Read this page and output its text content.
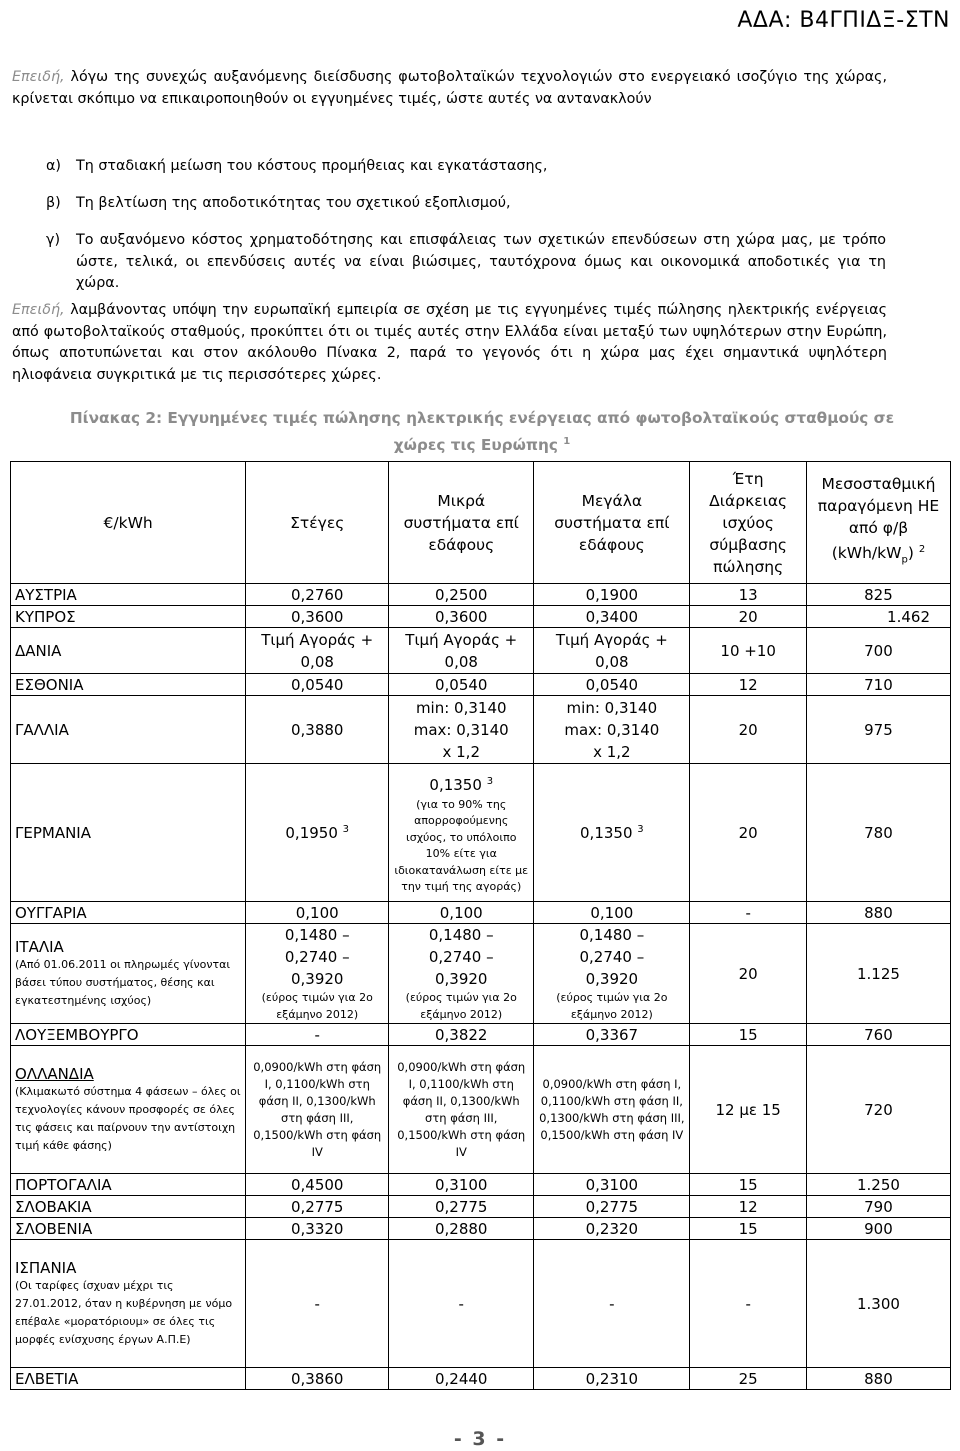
ΑΔΑ: Β4ΓΠΙΔΞ-ΣΤΝ
Επειδή, λόγω της συνεχώς αυξανόμενης διείσδυσης φωτοβολταϊκών τεχνολογιών στο ενεργειακό ισοζύγιο της χώρας, κρίνεται σκόπιμο να επικαιροποιηθούν οι εγγυημένες τιμές, ώστε αυτές να αντανακλούν
α) Τη σταδιακή μείωση του κόστους προμήθειας και εγκατάστασης,
β) Τη βελτίωση της αποδοτικότητας του σχετικού εξοπλισμού,
γ)	Το αυξανόμενο κόστος χρηματοδότησης και επισφάλειας των σχετικών επενδύσεων στη χώρα μας, με τρόπο ώστε, τελικά, οι επενδύσεις αυτές να είναι βιώσιμες, ταυτόχρονα όμως και οικονομικά αποδοτικές για τη χώρα.
Επειδή, λαμβάνοντας υπόψη την ευρωπαϊκή εμπειρία σε σχέση με τις εγγυημένες τιμές πώλησης ηλεκτρικής ενέργειας από φωτοβολταϊκούς σταθμούς, προκύπτει ότι οι τιμές αυτές στην Ελλάδα είναι μεταξύ των υψηλότερων στην Ευρώπη, όπως αποτυπώνεται και στον ακόλουθο Πίνακα 2, παρά το γεγονός ότι η χώρα μας έχει σημαντικά υψηλότερη ηλιοφάνεια συγκριτικά με τις περισσότερες χώρες.
Πίνακας 2: Εγγυημένες τιμές πώλησης ηλεκτρικής ενέργειας από φωτοβολταϊκούς σταθμούς σε
χώρες τις Ευρώπης $^1$
€/kWh	Στέγες	Μικρά συστήματα επί εδάφους	Μεγάλα συστήματα επί εδάφους	Έτη Διάρκειας ισχύος σύμβασης πώλησης	Μεσοσταθμική παραγόμενη ΗΕ από φ/β
$(kWh/kW_p)$ $^2$
ΑΥΣΤΡΙΑ	0,2760	0,2500	0,1900	13	825
ΚΥΠΡΟΣ	0,3600	0,3600	0,3400	20	1.462
ΔΑΝΙΑ	Τιμή Αγοράς + 0,08	Τιμή Αγοράς + 0,08	Τιμή Αγοράς + 0,08	10 +10	700
ΕΣΘΟΝΙΑ	0,0540	0,0540	0,0540	12	710
ΓΑΛΛΙΑ	0,3880	min: 0,3140
max: 0,3140
x 1,2	min: 0,3140
max: 0,3140
x 1,2	20	975
ΓΕΡΜΑΝΙΑ	0,1950 $^3$	0,1350 $^3$
(για το 90% της απορροφούμενης ισχύος, το υπόλοιπο 10% είτε για ιδιοκατανάλωση είτε με την τιμή της αγοράς)	0,1350 $^3$	20	780
ΟΥΓΓΑΡΙΑ	0,100	0,100	0,100	-	880

ΙΤΑΛΙΑ
(Από 01.06.2011 οι πληρωμές γίνονται βάσει τύπου συστήματος, θέσης και εγκατεστημένης ισχύος)	0,1480 –
0,2740 –
0,3920
(εύρος τιμών για 2ο εξάμηνο 2012)	0,1480 –
0,2740 –
0,3920
(εύρος τιμών για 2ο εξάμηνο 2012)	0,1480 –
0,2740 –
0,3920
(εύρος τιμών για 2ο εξάμηνο 2012)	20	1.125
ΛΟΥΞΕΜΒΟΥΡΓΟ	-	0,3822	0,3367	15	760

ΟΛΛΑΝΔΙΑ
(Κλιμακωτό σύστημα 4 φάσεων – όλες οι τεχνολογίες κάνουν προσφορές σε όλες τις φάσεις και παίρνουν την αντίστοιχη τιμή κάθε φάσης)	0,0900/kWh στη φάση I, 0,1100/kWh στη φάση II, 0,1300/kWh στη φάση III, 0,1500/kWh στη φάση IV	0,0900/kWh στη φάση I, 0,1100/kWh στη φάση II, 0,1300/kWh στη φάση III, 0,1500/kWh στη φάση IV	0,0900/kWh στη φάση I, 0,1100/kWh στη φάση II, 0,1300/kWh στη φάση III, 0,1500/kWh στη φάση IV	12 με 15	720
ΠΟΡΤΟΓΑΛΙΑ	0,4500	0,3100	0,3100	15	1.250
ΣΛΟΒΑΚΙΑ	0,2775	0,2775	0,2775	12	790
ΣΛΟΒΕΝΙΑ	0,3320	0,2880	0,2320	15	900

ΙΣΠΑΝΙΑ
(Οι ταρίφες ίσχυαν μέχρι τις 27.01.2012, όταν η κυβέρνηση με νόμο επέβαλε «μορατόριουμ» σε όλες τις μορφές ενίσχυσης έργων Α.Π.Ε)	-	-	-	-	1.300
ΕΛΒΕΤΙΑ	0,3860	0,2440	0,2310	25	880
- 3 -
